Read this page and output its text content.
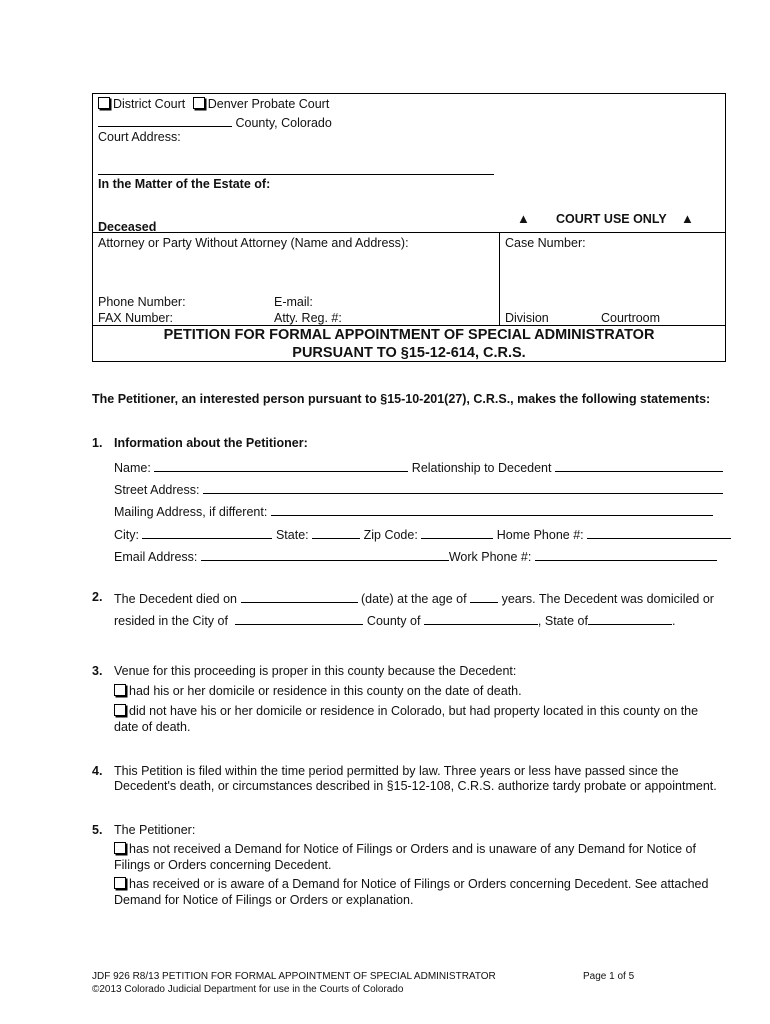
District Court Denver Probate Court
County, Colorado
Court Address:
In the Matter of the Estate of:
Deceased
▲ COURT USE ONLY ▲
Attorney or Party Without Attorney (Name and Address):	Case Number:
Phone Number:	E-mail:
FAX Number:	Atty. Reg. #:	Division	Courtroom
PETITION FOR FORMAL APPOINTMENT OF SPECIAL ADMINISTRATOR
PURSUANT TO §15-12-614, C.R.S.
The Petitioner, an interested person pursuant to §15-10-201(27), C.R.S., makes the following statements:
1. Information about the Petitioner:
Name:	Relationship to Decedent
Street Address:
Mailing Address, if different:
City:	State:	Zip Code:	Home Phone #:
Email Address:	Work Phone #:
2. The Decedent died on	(date) at the age of	years. The Decedent was domiciled or
resided in the City of	County of	, State of	.
3. Venue for this proceeding is proper in this county because the Decedent:
had his or her domicile or residence in this county on the date of death.
did not have his or her domicile or residence in Colorado, but had property located in this county on the
date of death.
4. This Petition is filed within the time period permitted by law. Three years or less have passed since the
Decedent's death, or circumstances described in §15-12-108, C.R.S. authorize tardy probate or appointment.
5. The Petitioner:
has not received a Demand for Notice of Filings or Orders and is unaware of any Demand for Notice of
Filings or Orders concerning Decedent.
has received or is aware of a Demand for Notice of Filings or Orders concerning Decedent. See attached
Demand for Notice of Filings or Orders or explanation.
JDF 926 R8/13 PETITION FOR FORMAL APPOINTMENT OF SPECIAL ADMINISTRATOR	Page 1 of 5
©2013 Colorado Judicial Department for use in the Courts of Colorado
